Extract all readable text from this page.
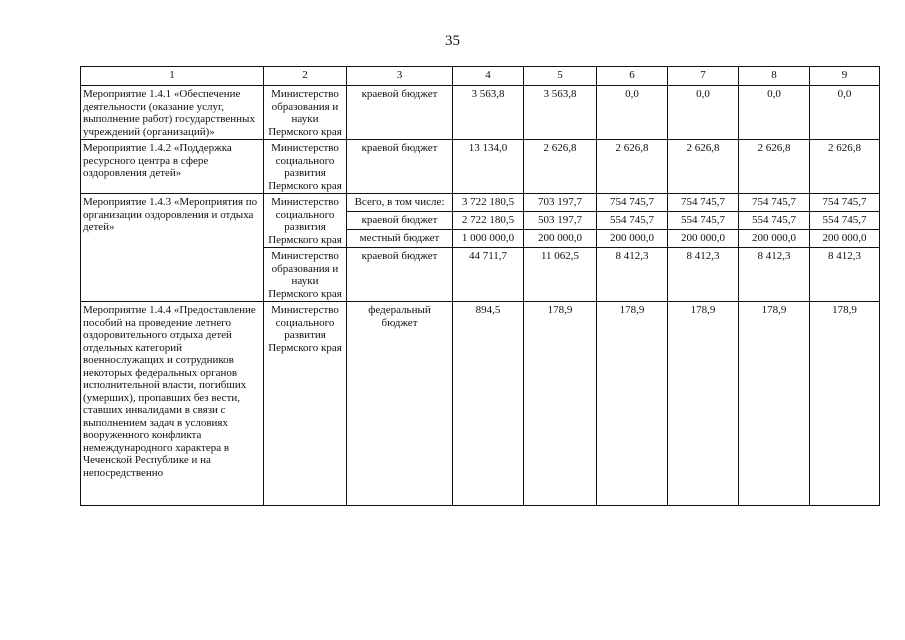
35
1	2	3	4	5	6	7	8	9
Мероприятие 1.4.1 «Обеспечение деятельности (оказание услуг, выполнение работ) государственных учреждений (организаций)»	Министерство образования и науки Пермского края	краевой бюджет	3 563,8	3 563,8	0,0	0,0	0,0	0,0
Мероприятие 1.4.2 «Поддержка ресурсного центра в сфере оздоровления детей»	Министерство социального развития Пермского края	краевой бюджет	13 134,0	2 626,8	2 626,8	2 626,8	2 626,8	2 626,8
Мероприятие 1.4.3 «Мероприятия по организации оздоровления и отдыха детей»	Министерство социального развития Пермского края	Всего, в том числе:	3 722 180,5	703 197,7	754 745,7	754 745,7	754 745,7	754 745,7
		краевой бюджет	2 722 180,5	503 197,7	554 745,7	554 745,7	554 745,7	554 745,7
		местный бюджет	1 000 000,0	200 000,0	200 000,0	200 000,0	200 000,0	200 000,0
	Министерство образования и науки Пермского края	краевой бюджет	44 711,7	11 062,5	8 412,3	8 412,3	8 412,3	8 412,3
Мероприятие 1.4.4 «Предоставление пособий на проведение летнего оздоровительного отдыха детей отдельных категорий военнослужащих и сотрудников некоторых федеральных органов исполнительной власти, погибших (умерших), пропавших без вести, ставших инвалидами в связи с выполнением задач в условиях вооруженного конфликта немеждународного характера в Чеченской Республике и на непосредственно	Министерство социального развития Пермского края	федеральный бюджет	894,5	178,9	178,9	178,9	178,9	178,9
